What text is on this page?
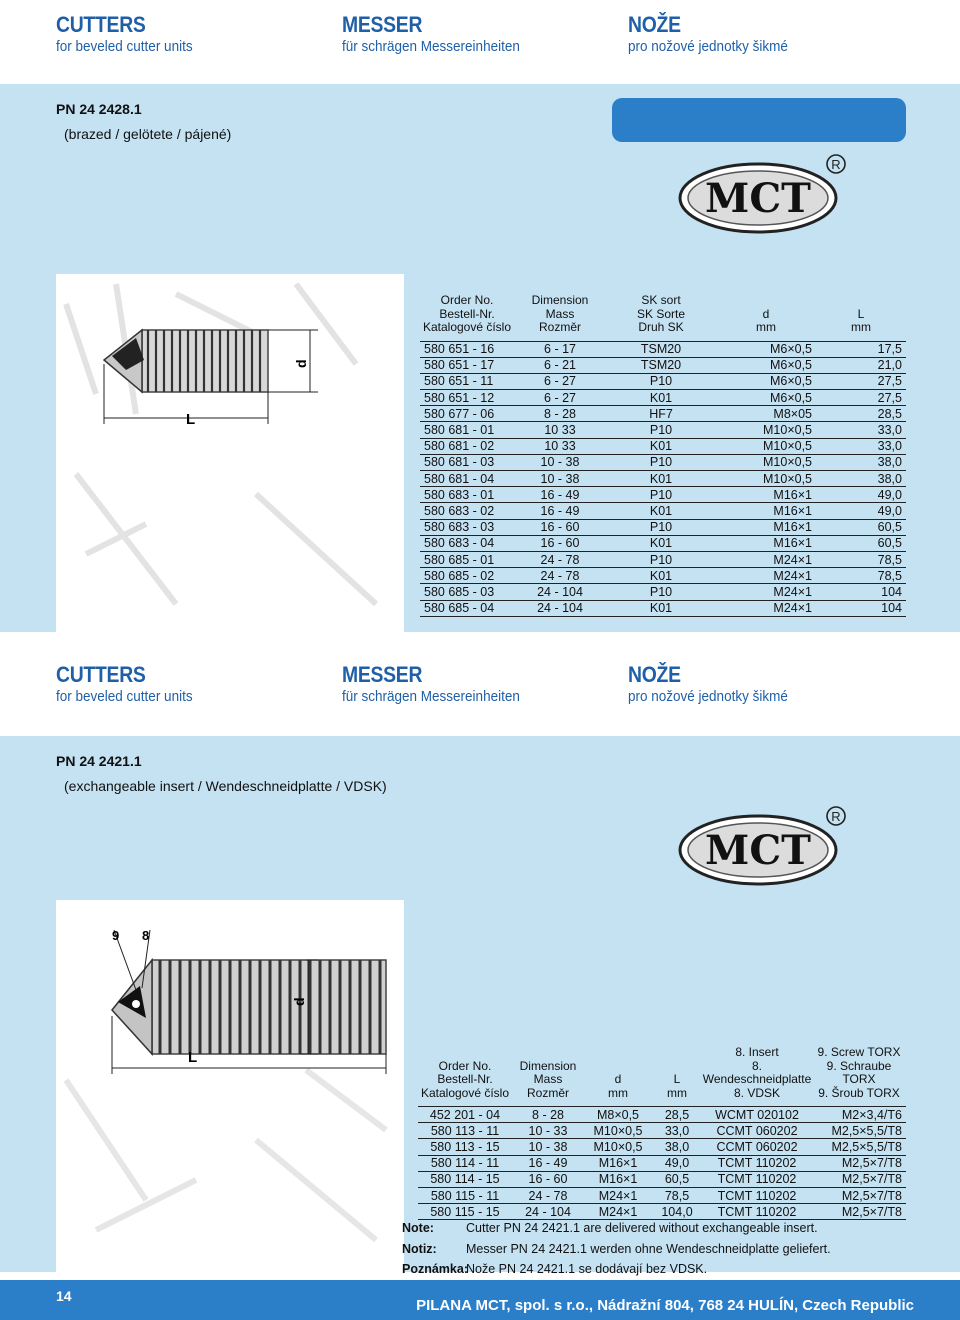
CUTTERS
for beveled cutter units
MESSER
für schrägen Messereinheiten
NOŽE
pro nožové jednotky šikmé
PN 24 2428.1
(brazed / gelötete / pájené)
MCT
R
L
d
Order No.
Bestell-Nr.
Katalogové číslo	Dimension
Mass
Rozměr	SK sort
SK Sorte
Druh SK	d
mm	L
mm
580 651 - 16	6 - 17	TSM20	M6×0,5	17,5
580 651 - 17	6 - 21	TSM20	M6×0,5	21,0
580 651 - 11	6 - 27	P10	M6×0,5	27,5
580 651 - 12	6 - 27	K01	M6×0,5	27,5
580 677 - 06	8 - 28	HF7	M8×05	28,5
580 681 - 01	10 33	P10	M10×0,5	33,0
580 681 - 02	10 33	K01	M10×0,5	33,0
580 681 - 03	10 - 38	P10	M10×0,5	38,0
580 681 - 04	10 - 38	K01	M10×0,5	38,0
580 683 - 01	16 - 49	P10	M16×1	49,0
580 683 - 02	16 - 49	K01	M16×1	49,0
580 683 - 03	16 - 60	P10	M16×1	60,5
580 683 - 04	16 - 60	K01	M16×1	60,5
580 685 - 01	24 - 78	P10	M24×1	78,5
580 685 - 02	24 - 78	K01	M24×1	78,5
580 685 - 03	24 - 104	P10	M24×1	104
580 685 - 04	24 - 104	K01	M24×1	104
CUTTERS
for beveled cutter units
MESSER
für schrägen Messereinheiten
NOŽE
pro nožové jednotky šikmé
PN 24 2421.1
(exchangeable insert / Wendeschneidplatte / VDSK)
MCT
R
9 8
L
d
Order No.
Bestell-Nr.
Katalogové číslo	Dimension
Mass
Rozměr	d
mm	L
mm	8. Insert
8. Wendeschneidplatte
8. VDSK	9. Screw TORX
9. Schraube TORX
9. Šroub TORX
452 201 - 04	8 - 28	M8×0,5	28,5	WCMT 020102	M2×3,4/T6
580 113 - 11	10 - 33	M10×0,5	33,0	CCMT 060202	M2,5×5,5/T8
580 113 - 15	10 - 38	M10×0,5	38,0	CCMT 060202	M2,5×5,5/T8
580 114 - 11	16 - 49	M16×1	49,0	TCMT 110202	M2,5×7/T8
580 114 - 15	16 - 60	M16×1	60,5	TCMT 110202	M2,5×7/T8
580 115 - 11	24 - 78	M24×1	78,5	TCMT 110202	M2,5×7/T8
580 115 - 15	24 - 104	M24×1	104,0	TCMT 110202	M2,5×7/T8
Note:	Cutter PN 24 2421.1 are delivered without exchangeable insert.
Notiz:	Messer PN 24 2421.1 werden ohne Wendeschneidplatte geliefert.
Poznámka:
Nože PN 24 2421.1 se dodávají bez VDSK.
14
PILANA MCT, spol. s r.o., Nádražní 804, 768 24 HULÍN, Czech Republic
